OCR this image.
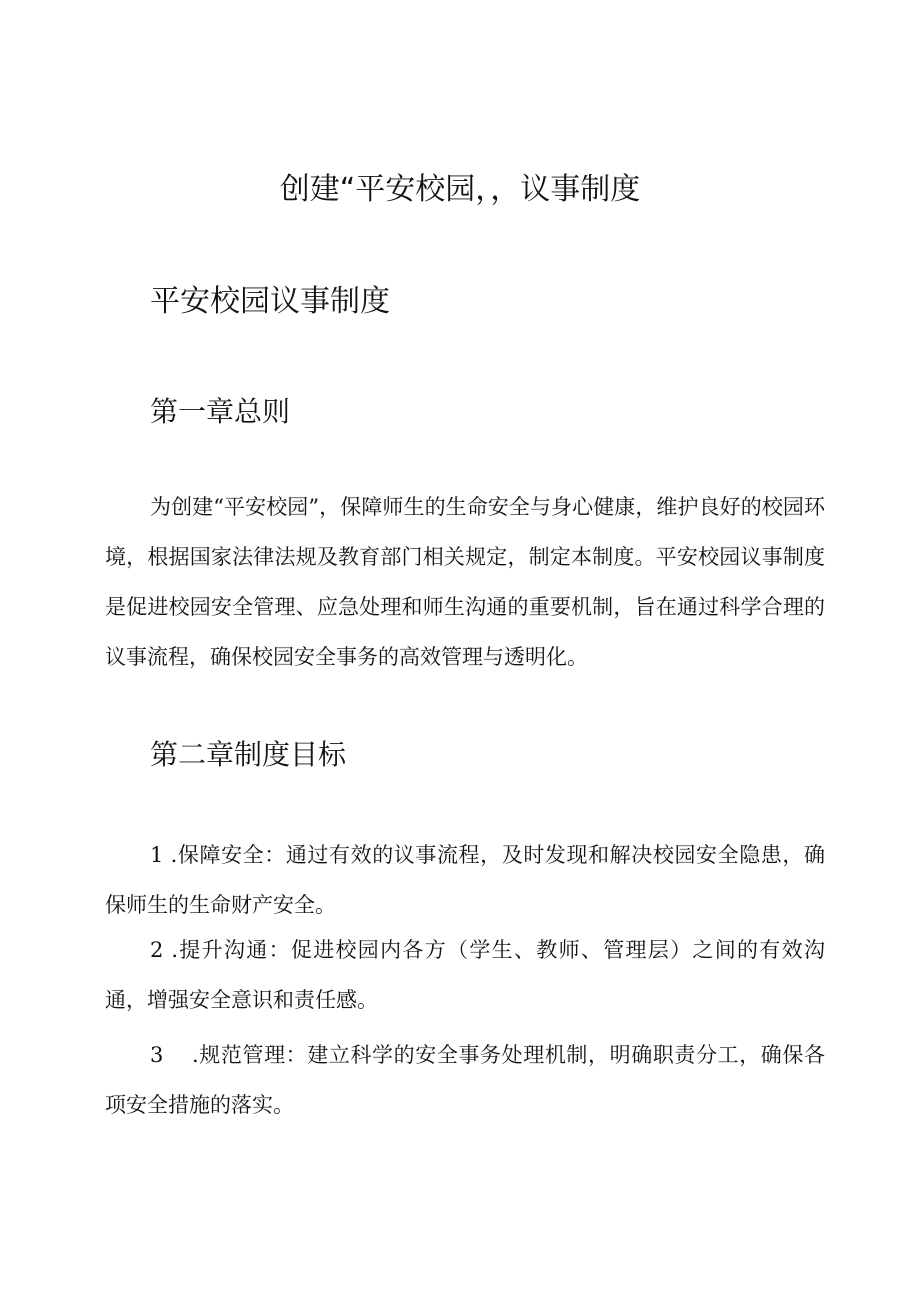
创建“平安校园，，议事制度
平安校园议事制度
第一章总则

为创建“平安校园”，保障师生的生命安全与身心健康，维护良好的校园环境，根据国家法律法规及教育部门相关规定，制定本制度。平安校园议事制度是促进校园安全管理、应急处理和师生沟通的重要机制，旨在通过科学合理的议事流程，确保校园安全事务的高效管理与透明化。

第二章制度目标

1 .保障安全：通过有效的议事流程，及时发现和解决校园安全隐患，确保师生的生命财产安全。

2 .提升沟通：促进校园内各方（学生、教师、管理层）之间的有效沟通，增强安全意识和责任感。

3 .规范管理：建立科学的安全事务处理机制，明确职责分工，确保各项安全措施的落实。
